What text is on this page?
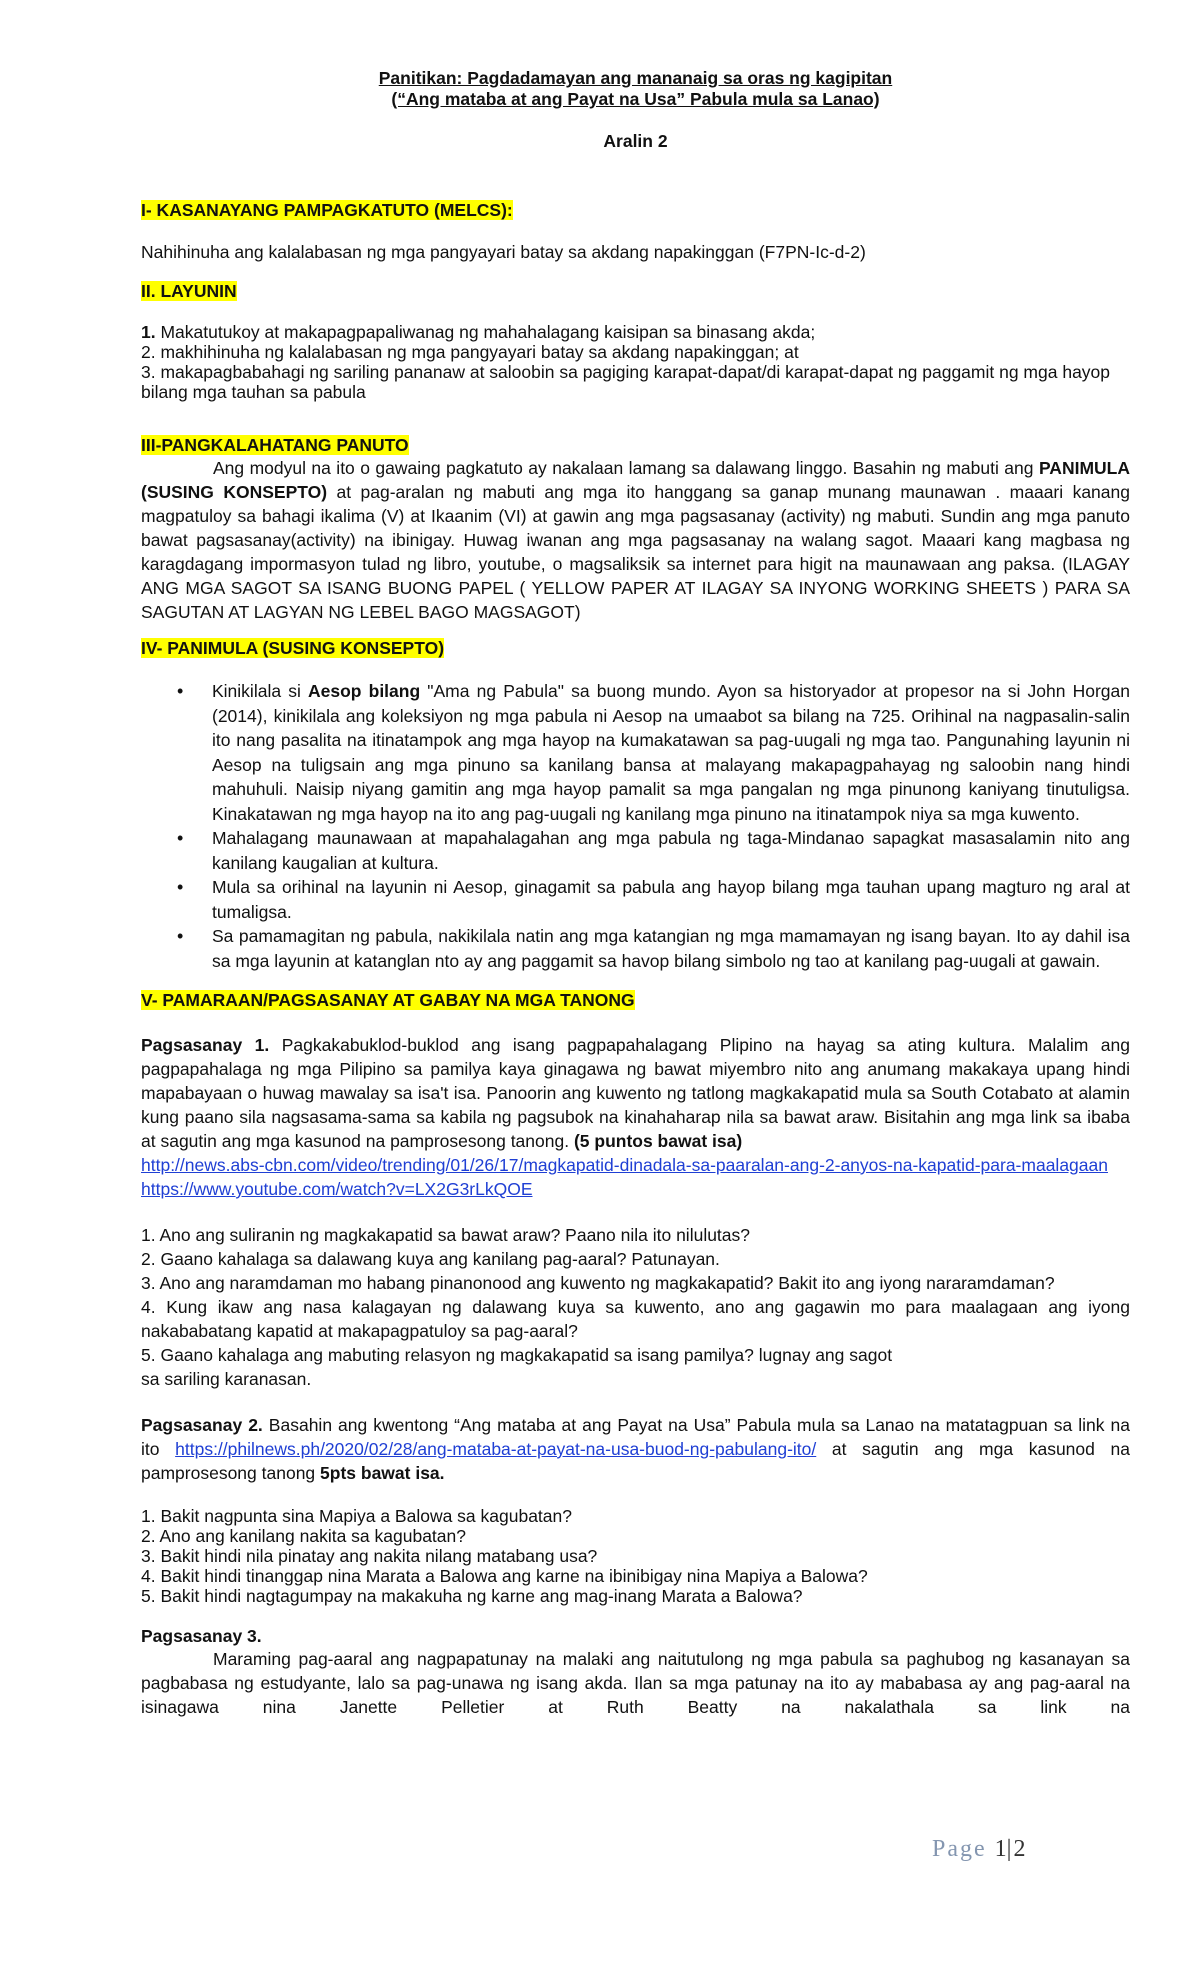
Panitikan: Pagdadamayan ang mananaig sa oras ng kagipitan

(“Ang mataba at ang Payat na Usa” Pabula mula sa Lanao)

Aralin 2

I- KASANAYANG PAMPAGKATUTO (MELCS):

Nahihinuha ang kalalabasan ng mga pangyayari batay sa akdang napakinggan (F7PN-Ic-d-2)

II. LAYUNIN

1. Makatutukoy at makapagpapaliwanag ng mahahalagang kaisipan sa binasang akda;

2. makhihinuha ng kalalabasan ng mga pangyayari batay sa akdang napakinggan; at

3. makapagbabahagi ng sariling pananaw at saloobin sa pagiging karapat-dapat/di karapat-dapat ng paggamit ng mga hayop bilang mga tauhan sa pabula

III-PANGKALAHATANG PANUTO

Ang modyul na ito o gawaing pagkatuto ay nakalaan lamang sa dalawang linggo. Basahin ng mabuti ang PANIMULA (SUSING KONSEPTO) at pag-aralan ng mabuti ang mga ito hanggang sa ganap munang maunawan . maaari kanang magpatuloy sa bahagi ikalima (V) at Ikaanim (VI) at gawin ang mga pagsasanay (activity) ng mabuti. Sundin ang mga panuto bawat pagsasanay(activity) na ibinigay. Huwag iwanan ang mga pagsasanay na walang sagot. Maaari kang magbasa ng karagdagang impormasyon tulad ng libro, youtube, o magsaliksik sa internet para higit na maunawaan ang paksa. (ILAGAY ANG MGA SAGOT SA ISANG BUONG PAPEL ( YELLOW PAPER AT ILAGAY SA INYONG WORKING SHEETS ) PARA SA SAGUTAN AT LAGYAN NG LEBEL BAGO MAGSAGOT)

IV- PANIMULA (SUSING KONSEPTO)

• Kinikilala si Aesop bilang "Ama ng Pabula" sa buong mundo. Ayon sa historyador at propesor na si John Horgan (2014), kinikilala ang koleksiyon ng mga pabula ni Aesop na umaabot sa bilang na 725. Orihinal na nagpasalin-salin ito nang pasalita na itinatampok ang mga hayop na kumakatawan sa pag-uugali ng mga tao. Pangunahing layunin ni Aesop na tuligsain ang mga pinuno sa kanilang bansa at malayang makapagpahayag ng saloobin nang hindi mahuhuli. Naisip niyang gamitin ang mga hayop pamalit sa mga pangalan ng mga pinunong kaniyang tinutuligsa. Kinakatawan ng mga hayop na ito ang pag-uugali ng kanilang mga pinuno na itinatampok niya sa mga kuwento.
• Mahalagang maunawaan at mapahalagahan ang mga pabula ng taga-Mindanao sapagkat masasalamin nito ang kanilang kaugalian at kultura.
• Mula sa orihinal na layunin ni Aesop, ginagamit sa pabula ang hayop bilang mga tauhan upang magturo ng aral at tumaligsa.
• Sa pamamagitan ng pabula, nakikilala natin ang mga katangian ng mga mamamayan ng isang bayan. Ito ay dahil isa sa mga layunin at katanglan nto ay ang paggamit sa havop bilang simbolo ng tao at kanilang pag-uugali at gawain.

V- PAMARAAN/PAGSASANAY AT GABAY NA MGA TANONG

Pagsasanay 1. Pagkakabuklod-buklod ang isang pagpapahalagang Plipino na hayag sa ating kultura. Malalim ang pagpapahalaga ng mga Pilipino sa pamilya kaya ginagawa ng bawat miyembro nito ang anumang makakaya upang hindi mapabayaan o huwag mawalay sa isa't isa. Panoorin ang kuwento ng tatlong magkakapatid mula sa South Cotabato at alamin kung paano sila nagsasama-sama sa kabila ng pagsubok na kinahaharap nila sa bawat araw. Bisitahin ang mga link sa ibaba at sagutin ang mga kasunod na pamprosesong tanong. (5 puntos bawat isa)

http://news.abs-cbn.com/video/trending/01/26/17/magkapatid-dinadala-sa-paaralan-ang-2-anyos-na-kapatid-para-maalagaan

https://www.youtube.com/watch?v=LX2G3rLkQOE

1. Ano ang suliranin ng magkakapatid sa bawat araw? Paano nila ito nilulutas?

2. Gaano kahalaga sa dalawang kuya ang kanilang pag-aaral? Patunayan.

3. Ano ang naramdaman mo habang pinanonood ang kuwento ng magkakapatid? Bakit ito ang iyong nararamdaman?

4. Kung ikaw ang nasa kalagayan ng dalawang kuya sa kuwento, ano ang gagawin mo para maalagaan ang iyong nakababatang kapatid at makapagpatuloy sa pag-aaral?

5. Gaano kahalaga ang mabuting relasyon ng magkakapatid sa isang pamilya? lugnay ang sagot

sa sariling karanasan.

Pagsasanay 2. Basahin ang kwentong “Ang mataba at ang Payat na Usa” Pabula mula sa Lanao na matatagpuan sa link na ito https://philnews.ph/2020/02/28/ang-mataba-at-payat-na-usa-buod-ng-pabulang-ito/ at sagutin ang mga kasunod na pamprosesong tanong 5pts bawat isa.

1. Bakit nagpunta sina Mapiya a Balowa sa kagubatan?

2. Ano ang kanilang nakita sa kagubatan?

3. Bakit hindi nila pinatay ang nakita nilang matabang usa?

4. Bakit hindi tinanggap nina Marata a Balowa ang karne na ibinibigay nina Mapiya a Balowa?

5. Bakit hindi nagtagumpay na makakuha ng karne ang mag-inang Marata a Balowa?

Pagsasanay 3.

Maraming pag-aaral ang nagpapatunay na malaki ang naitutulong ng mga pabula sa paghubog ng kasanayan sa pagbabasa ng estudyante, lalo sa pag-unawa ng isang akda. Ilan sa mga patunay na ito ay mababasa ay ang pag-aaral na isinagawa nina Janette Pelletier at Ruth Beatty na nakalathala sa link na

Page 1|2
